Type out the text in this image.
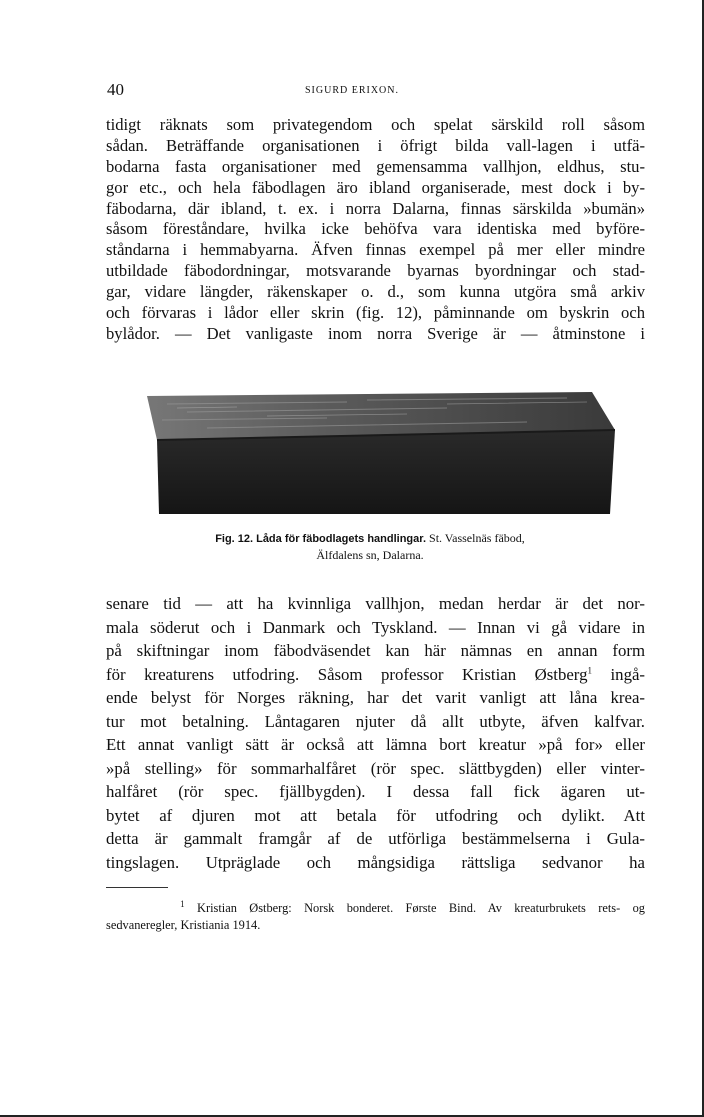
40	SIGURD ERIXON.
tidigt räknats som privategendom och spelat särskild roll såsom
sådan. Beträffande organisationen i öfrigt bilda vall-lagen i utfä-
bodarna fasta organisationer med gemensamma vallhjon, eldhus, stu-
gor etc., och hela fäbodlagen äro ibland organiserade, mest dock i by-
fäbodarna, där ibland, t. ex. i norra Dalarna, finnas särskilda »bumän»
såsom föreståndare, hvilka icke behöfva vara identiska med byföre-
ståndarna i hemmabyarna. Äfven finnas exempel på mer eller mindre
utbildade fäbodordningar, motsvarande byarnas byordningar och stad-
gar, vidare längder, räkenskaper o. d., som kunna utgöra små arkiv
och förvaras i lådor eller skrin (fig. 12), påminnande om byskrin och
bylådor. — Det vanligaste inom norra Sverige är — åtminstone i
Fig. 12. Låda för fäbodlagets handlingar. St. Vasselnäs fäbod,
Älfdalens sn, Dalarna.
senare tid — att ha kvinnliga vallhjon, medan herdar är det nor-
mala söderut och i Danmark och Tyskland. — Innan vi gå vidare in
på skiftningar inom fäbodväsendet kan här nämnas en annan form
för kreaturens utfodring. Såsom professor Kristian Østberg$^1$ ingå-
ende belyst för Norges räkning, har det varit vanligt att låna krea-
tur mot betalning. Låntagaren njuter då allt utbyte, äfven kalfvar.
Ett annat vanligt sätt är också att lämna bort kreatur »på for» eller
»på stelling» för sommarhalfåret (rör spec. slättbygden) eller vinter-
halfåret (rör spec. fjällbygden). I dessa fall fick ägaren ut-
bytet af djuren mot att betala för utfodring och dylikt. Att
detta är gammalt framgår af de utförliga bestämmelserna i Gula-
tingslagen. Utpräglade och mångsidiga rättsliga sedvanor ha
$^1$ Kristian Østberg: Norsk bonderet. Første Bind. Av kreaturbrukets rets- og
sedvaneregler, Kristiania 1914.
